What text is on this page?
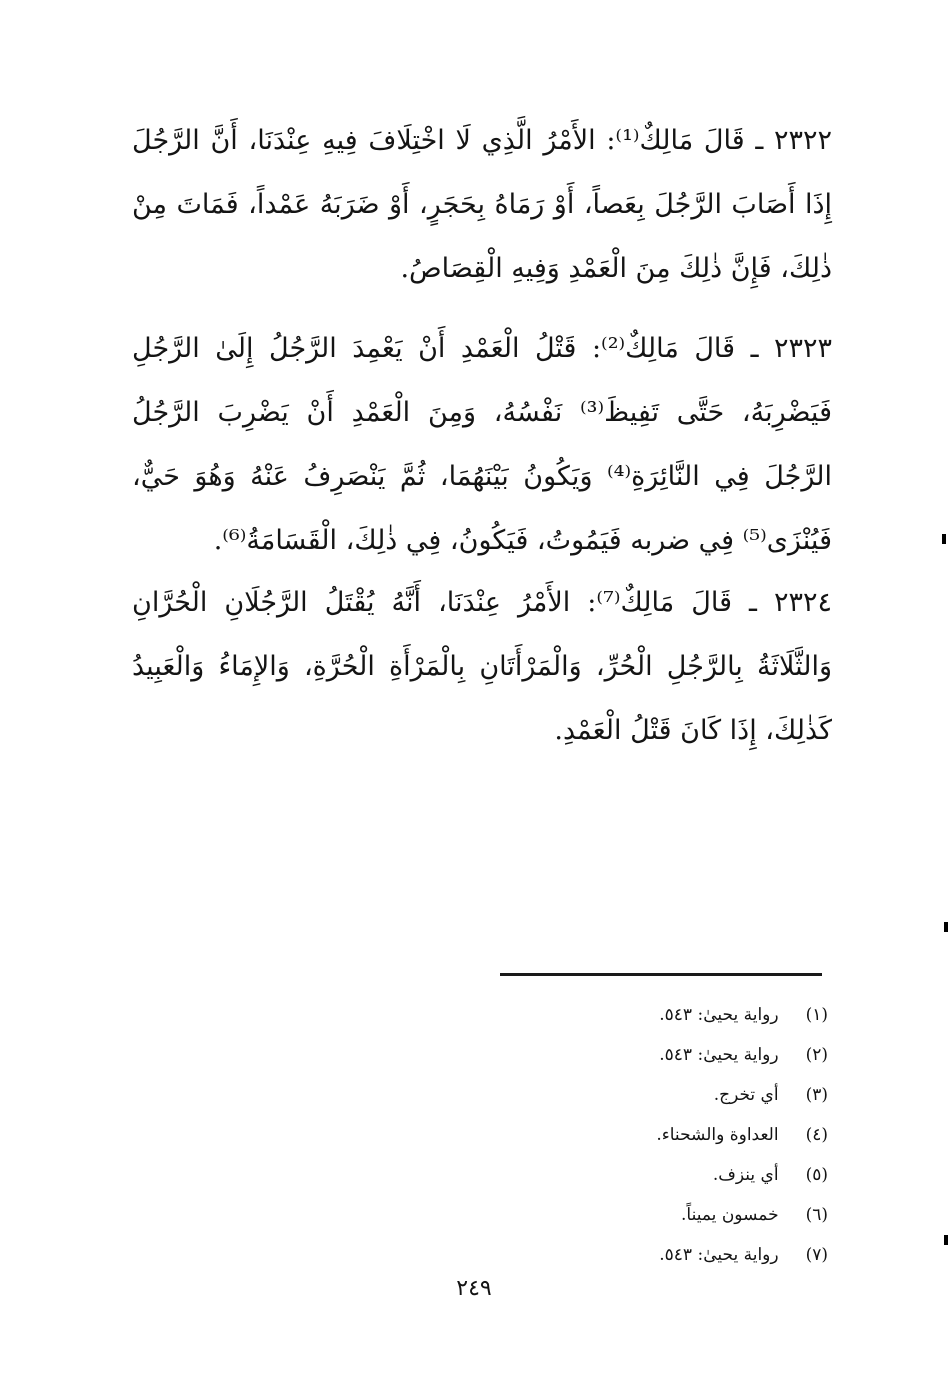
٢٣٢٢ ـ قَالَ مَالِكٌ⁽¹⁾: الأَمْرُ الَّذِي لَا اخْتِلَافَ فِيهِ عِنْدَنَا، أَنَّ الرَّجُلَ إِذَا أَصَابَ الرَّجُلَ بِعَصاً، أَوْ رَمَاهُ بِحَجَرٍ، أَوْ ضَرَبَهُ عَمْداً، فَمَاتَ مِنْ ذٰلِكَ، فَإِنَّ ذٰلِكَ مِنَ الْعَمْدِ وَفِيهِ الْقِصَاصُ.

٢٣٢٣ ـ قَالَ مَالِكٌ⁽²⁾: قَتْلُ الْعَمْدِ أَنْ يَعْمِدَ الرَّجُلُ إِلَىٰ الرَّجُلِ فَيَضْرِبَهُ، حَتَّى تَفِيظَ⁽³⁾ نَفْسُهُ، وَمِنَ الْعَمْدِ أَنْ يَضْرِبَ الرَّجُلُ الرَّجُلَ فِي النَّائِرَةِ⁽⁴⁾ وَيَكُونُ بَيْنَهُمَا، ثُمَّ يَنْصَرِفُ عَنْهُ وَهُوَ حَيٌّ، فَيُنْزَى⁽⁵⁾ فِي ضربه فَيَمُوتُ، فَيَكُونُ، فِي ذٰلِكَ، الْقَسَامَةُ⁽⁶⁾.

٢٣٢٤ ـ قَالَ مَالِكٌ⁽⁷⁾: الأَمْرُ عِنْدَنَا، أَنَّهُ يُقْتَلُ الرَّجُلَانِ الْحُرَّانِ وَالثَّلَاثَةُ بِالرَّجُلِ الْحُرِّ، وَالْمَرْأَتَانِ بِالْمَرْأَةِ الْحُرَّةِ، وَالإِمَاءُ وَالْعَبِيدُ كَذٰلِكَ، إِذَا كَانَ قَتْلُ الْعَمْدِ.

(١) رواية يحيىٰ: ٥٤٣.
(٢) رواية يحيىٰ: ٥٤٣.
(٣) أي تخرج.
(٤) العداوة والشحناء.
(٥) أي ينزف.
(٦) خمسون يميناً.
(٧) رواية يحيىٰ: ٥٤٣.
٢٤٩
